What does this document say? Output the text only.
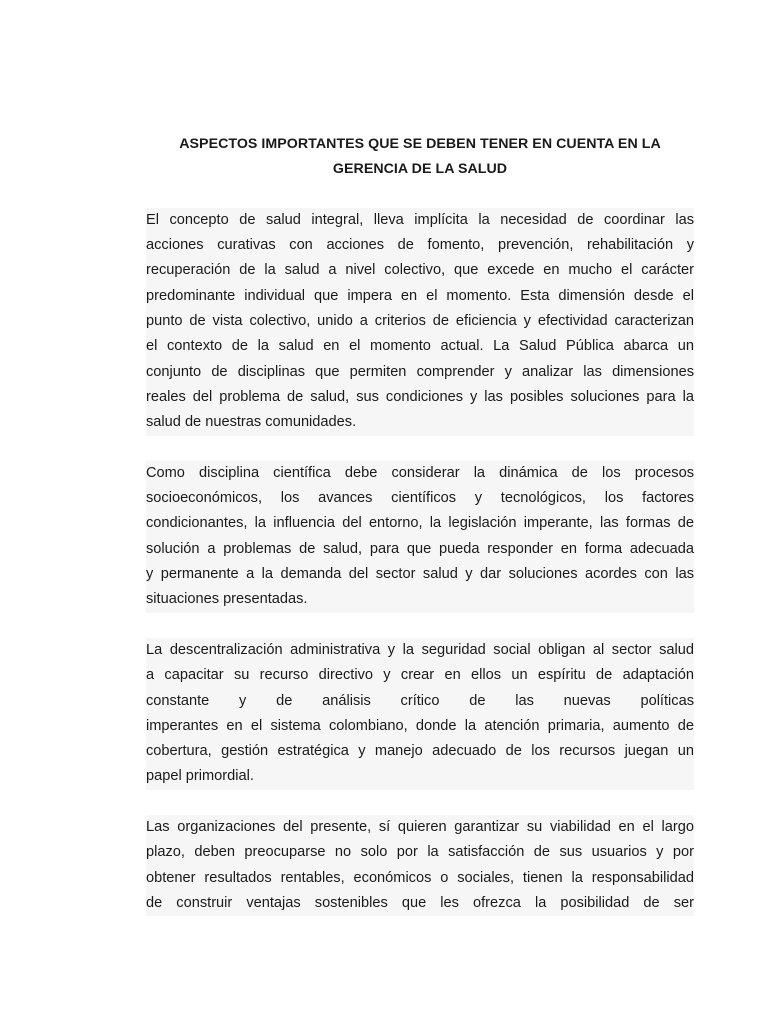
ASPECTOS IMPORTANTES QUE SE DEBEN TENER EN CUENTA EN LA
GERENCIA DE LA SALUD

El concepto de salud integral, lleva implícita la necesidad de coordinar las
acciones curativas con acciones de fomento, prevención, rehabilitación y
recuperación de la salud a nivel colectivo, que excede en mucho el carácter
predominante individual que impera en el momento. Esta dimensión desde el
punto de vista colectivo, unido a criterios de eficiencia y efectividad caracterizan
el contexto de la salud en el momento actual. La Salud Pública abarca un
conjunto de disciplinas que permiten comprender y analizar las dimensiones
reales del problema de salud, sus condiciones y las posibles soluciones para la
salud de nuestras comunidades.

Como disciplina científica debe considerar la dinámica de los procesos
socioeconómicos, los avances científicos y tecnológicos, los factores
condicionantes, la influencia del entorno, la legislación imperante, las formas de
solución a problemas de salud, para que pueda responder en forma adecuada
y permanente a la demanda del sector salud y dar soluciones acordes con las
situaciones presentadas.

La descentralización administrativa y la seguridad social obligan al sector salud
a capacitar su recurso directivo y crear en ellos un espíritu de adaptación
constante y de análisis crítico de las nuevas políticas
imperantes en el sistema colombiano, donde la atención primaria, aumento de
cobertura, gestión estratégica y manejo adecuado de los recursos juegan un
papel primordial.

Las organizaciones del presente, sí quieren garantizar su viabilidad en el largo
plazo, deben preocuparse no solo por la satisfacción de sus usuarios y por
obtener resultados rentables, económicos o sociales, tienen la responsabilidad
de construir ventajas sostenibles que les ofrezca la posibilidad de ser
